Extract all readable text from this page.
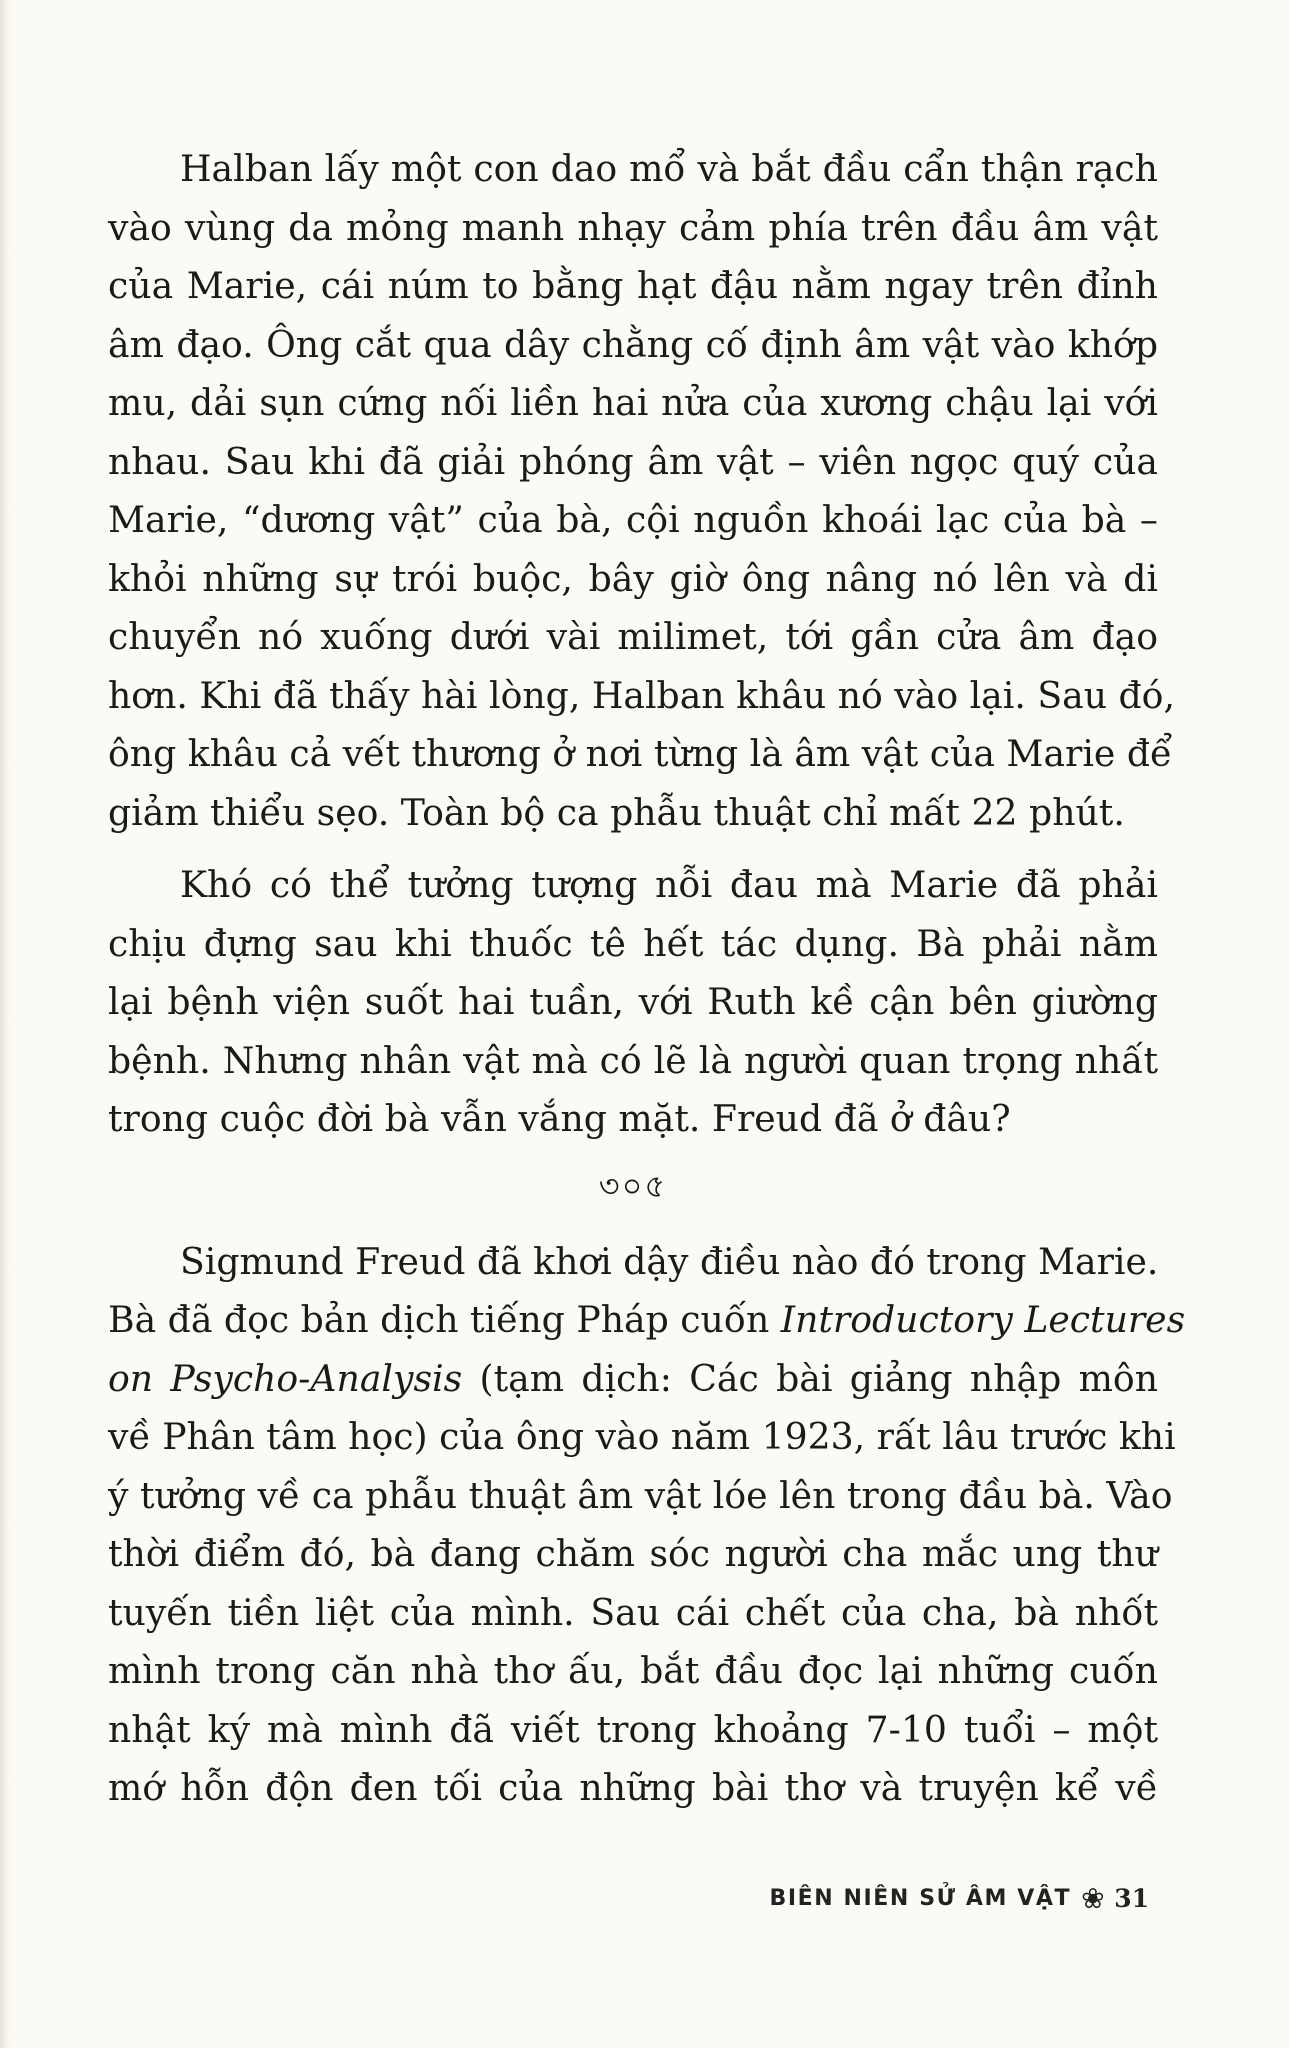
Halban lấy một con dao mổ và bắt đầu cẩn thận rạch
vào vùng da mỏng manh nhạy cảm phía trên đầu âm vật
của Marie, cái núm to bằng hạt đậu nằm ngay trên đỉnh
âm đạo. Ông cắt qua dây chằng cố định âm vật vào khớp
mu, dải sụn cứng nối liền hai nửa của xương chậu lại với
nhau. Sau khi đã giải phóng âm vật – viên ngọc quý của
Marie, “dương vật” của bà, cội nguồn khoái lạc của bà –
khỏi những sự trói buộc, bây giờ ông nâng nó lên và di
chuyển nó xuống dưới vài milimet, tới gần cửa âm đạo
hơn. Khi đã thấy hài lòng, Halban khâu nó vào lại. Sau đó,
ông khâu cả vết thương ở nơi từng là âm vật của Marie để
giảm thiểu sẹo. Toàn bộ ca phẫu thuật chỉ mất 22 phút.

Khó có thể tưởng tượng nỗi đau mà Marie đã phải
chịu đựng sau khi thuốc tê hết tác dụng. Bà phải nằm
lại bệnh viện suốt hai tuần, với Ruth kề cận bên giường
bệnh. Nhưng nhân vật mà có lẽ là người quan trọng nhất
trong cuộc đời bà vẫn vắng mặt. Freud đã ở đâu?

৩০৫

Sigmund Freud đã khơi dậy điều nào đó trong Marie.
Bà đã đọc bản dịch tiếng Pháp cuốn Introductory Lectures
on Psycho-Analysis (tạm dịch: Các bài giảng nhập môn
về Phân tâm học) của ông vào năm 1923, rất lâu trước khi
ý tưởng về ca phẫu thuật âm vật lóe lên trong đầu bà. Vào
thời điểm đó, bà đang chăm sóc người cha mắc ung thư
tuyến tiền liệt của mình. Sau cái chết của cha, bà nhốt
mình trong căn nhà thơ ấu, bắt đầu đọc lại những cuốn
nhật ký mà mình đã viết trong khoảng 7-10 tuổi – một
mớ hỗn độn đen tối của những bài thơ và truyện kể về

BIÊN NIÊN SỬ ÂM VẬT ❀ 31
